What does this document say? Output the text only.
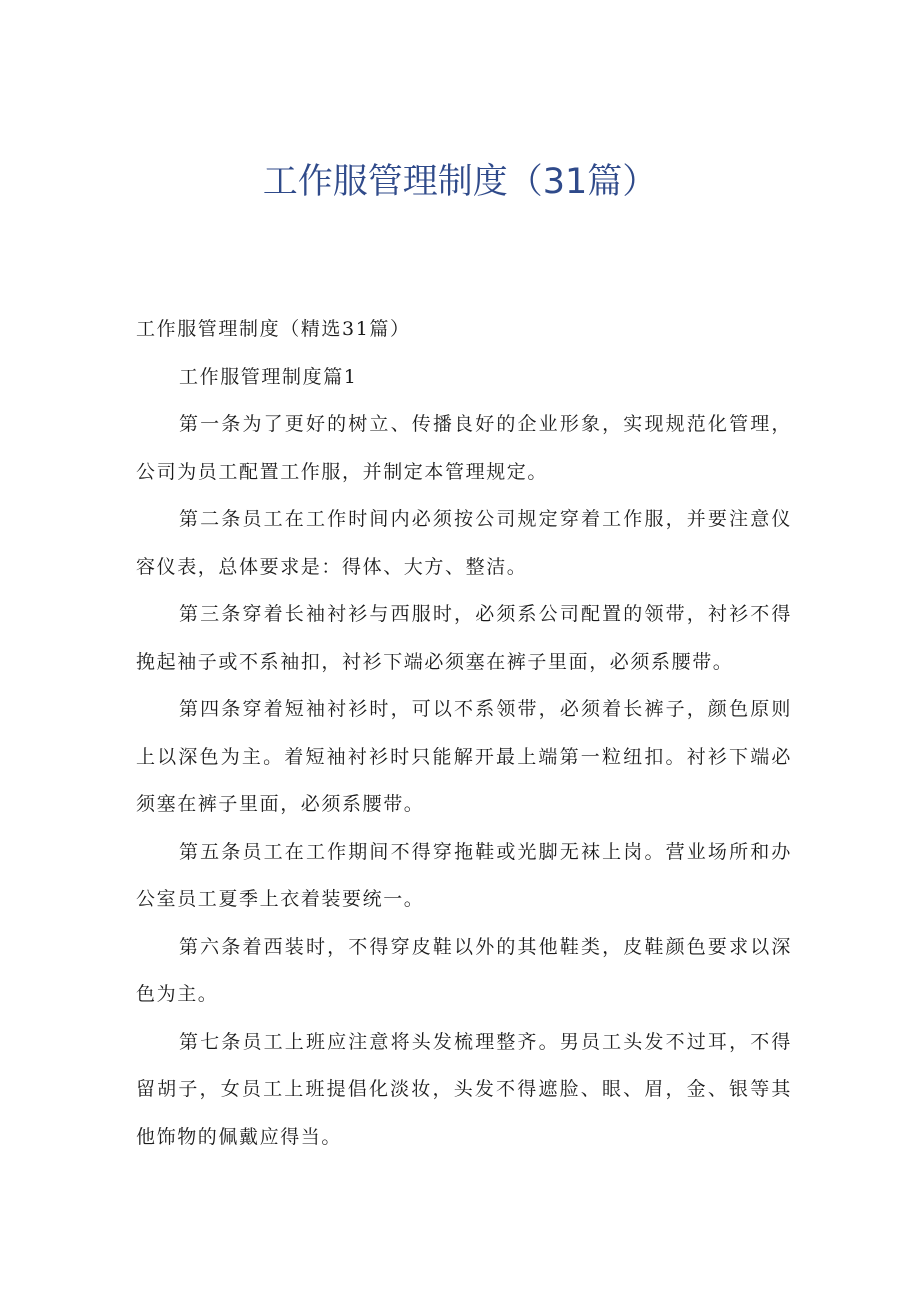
工作服管理制度（31篇）

工作服管理制度（精选31篇）

工作服管理制度篇1

第一条为了更好的树立、传播良好的企业形象，实现规范化管理，公司为员工配置工作服，并制定本管理规定。

第二条员工在工作时间内必须按公司规定穿着工作服，并要注意仪容仪表，总体要求是：得体、大方、整洁。

第三条穿着长袖衬衫与西服时，必须系公司配置的领带，衬衫不得挽起袖子或不系袖扣，衬衫下端必须塞在裤子里面，必须系腰带。

第四条穿着短袖衬衫时，可以不系领带，必须着长裤子，颜色原则上以深色为主。着短袖衬衫时只能解开最上端第一粒纽扣。衬衫下端必须塞在裤子里面，必须系腰带。

第五条员工在工作期间不得穿拖鞋或光脚无袜上岗。营业场所和办公室员工夏季上衣着装要统一。

第六条着西装时，不得穿皮鞋以外的其他鞋类，皮鞋颜色要求以深色为主。

第七条员工上班应注意将头发梳理整齐。男员工头发不过耳，不得留胡子，女员工上班提倡化淡妆，头发不得遮脸、眼、眉，金、银等其他饰物的佩戴应得当。
